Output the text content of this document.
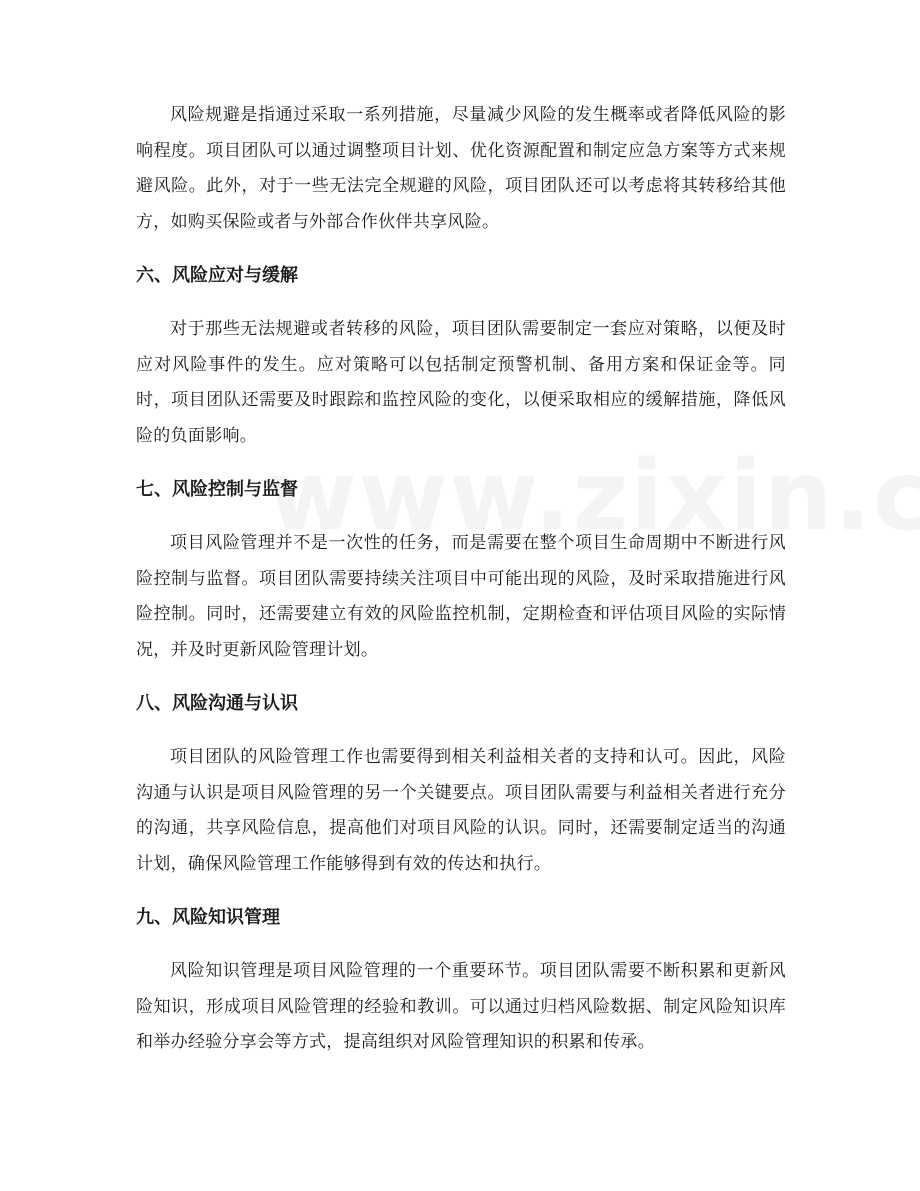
风险规避是指通过采取一系列措施，尽量减少风险的发生概率或者降低风险的影响程度。项目团队可以通过调整项目计划、优化资源配置和制定应急方案等方式来规避风险。此外，对于一些无法完全规避的风险，项目团队还可以考虑将其转移给其他方，如购买保险或者与外部合作伙伴共享风险。

六、风险应对与缓解

对于那些无法规避或者转移的风险，项目团队需要制定一套应对策略，以便及时应对风险事件的发生。应对策略可以包括制定预警机制、备用方案和保证金等。同时，项目团队还需要及时跟踪和监控风险的变化，以便采取相应的缓解措施，降低风险的负面影响。

七、风险控制与监督

项目风险管理并不是一次性的任务，而是需要在整个项目生命周期中不断进行风险控制与监督。项目团队需要持续关注项目中可能出现的风险，及时采取措施进行风险控制。同时，还需要建立有效的风险监控机制，定期检查和评估项目风险的实际情况，并及时更新风险管理计划。

八、风险沟通与认识

项目团队的风险管理工作也需要得到相关利益相关者的支持和认可。因此，风险沟通与认识是项目风险管理的另一个关键要点。项目团队需要与利益相关者进行充分的沟通，共享风险信息，提高他们对项目风险的认识。同时，还需要制定适当的沟通计划，确保风险管理工作能够得到有效的传达和执行。

九、风险知识管理

风险知识管理是项目风险管理的一个重要环节。项目团队需要不断积累和更新风险知识，形成项目风险管理的经验和教训。可以通过归档风险数据、制定风险知识库和举办经验分享会等方式，提高组织对风险管理知识的积累和传承。
